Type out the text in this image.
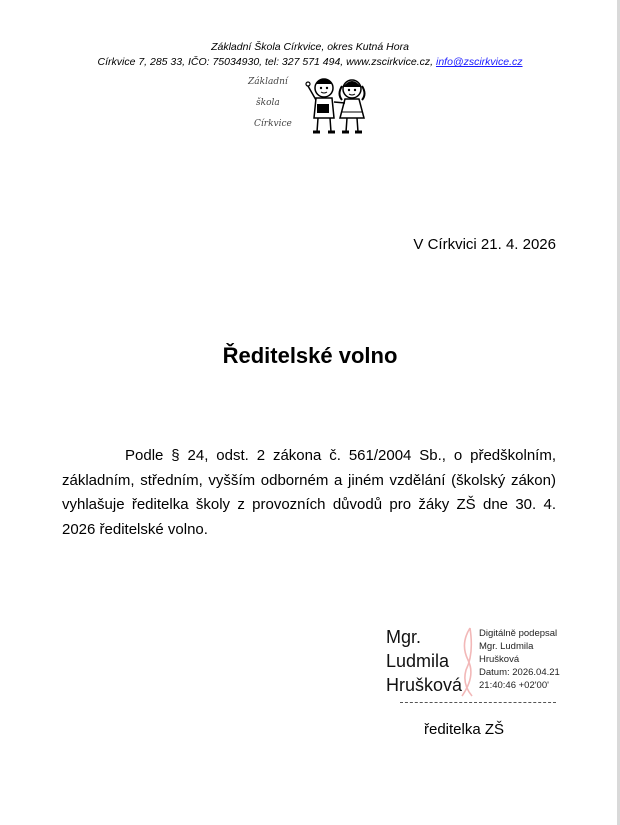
Základní Škola Církvice, okres Kutná Hora
Církvice 7, 285 33, IČO: 75034930, tel: 327 571 494, www.zscirkvice.cz, info@zscirkvice.cz
Základní
škola
Církvice
V Církvici 21. 4. 2026
Ředitelské volno
Podle § 24, odst. 2 zákona č. 561/2004 Sb., o předškolním, základním, středním, vyšším odborném a jiném vzdělání (školský zákon) vyhlašuje ředitelka školy z provozních důvodů pro žáky ZŠ dne 30. 4. 2026 ředitelské volno.
Mgr.
Ludmila
Hrušková
Digitálně podepsal
Mgr. Ludmila
Hrušková
Datum: 2026.04.21
21:40:46 +02'00'
ředitelka ZŠ
